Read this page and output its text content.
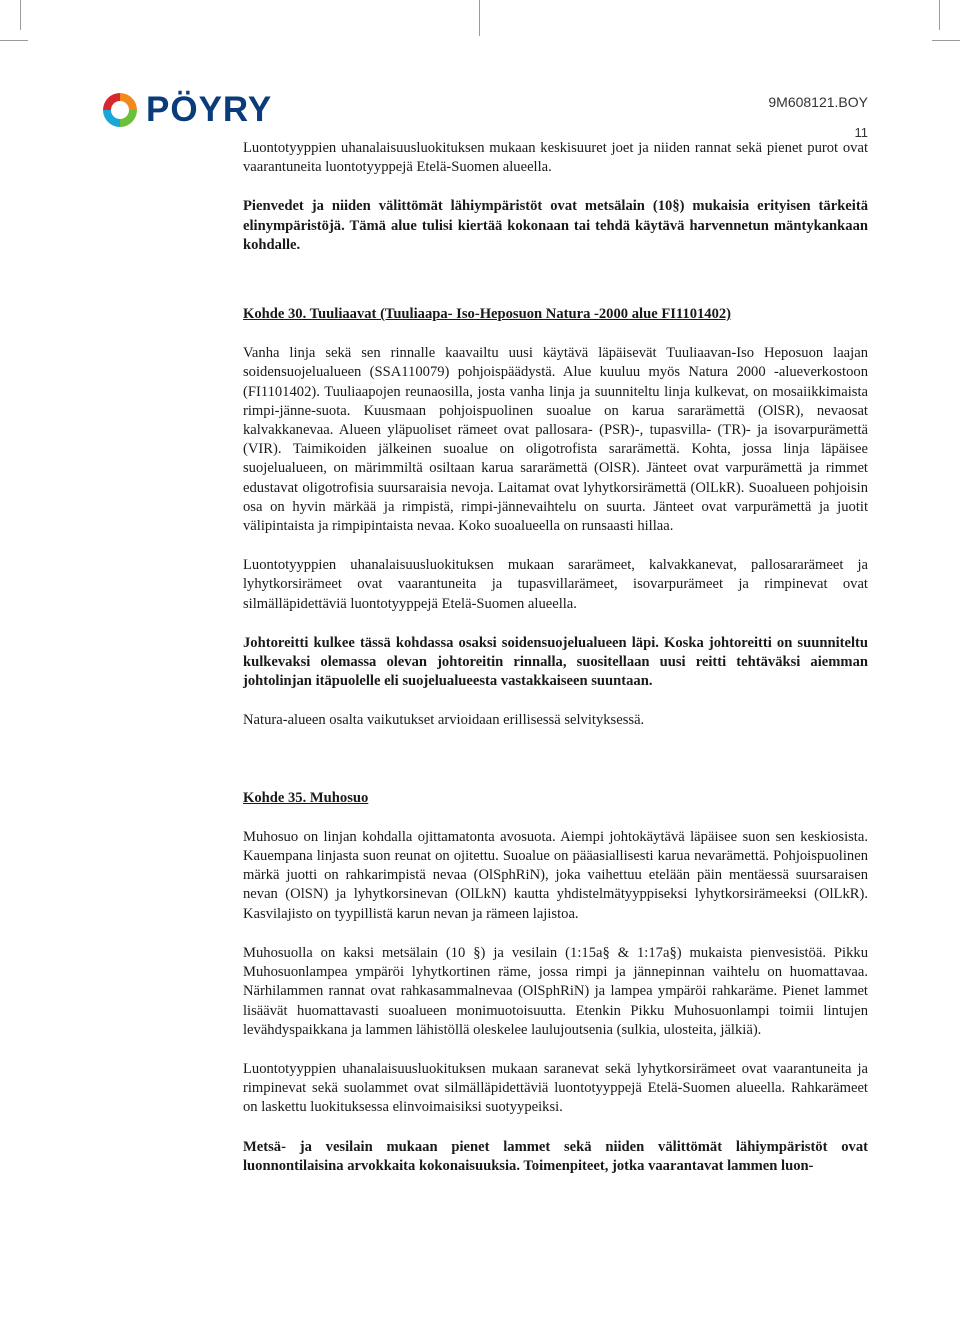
PÖYRY	9M608121.BOY
11

Luontotyyppien uhanalaisuusluokituksen mukaan keskisuuret joet ja niiden rannat sekä pienet purot ovat vaarantuneita luontotyyppejä Etelä-Suomen alueella.

Pienvedet ja niiden välittömät lähiympäristöt ovat metsälain (10§) mukaisia erityisen tärkeitä elinympäristöjä. Tämä alue tulisi kiertää kokonaan tai tehdä käytävä harvennetun mäntykankaan kohdalle.

Kohde 30. Tuuliaavat (Tuuliaapa- Iso-Heposuon Natura -2000 alue FI1101402)

Vanha linja sekä sen rinnalle kaavailtu uusi käytävä läpäisevät Tuuliaavan-Iso Heposuon laajan soidensuojelualueen (SSA110079) pohjoispäädystä. Alue kuuluu myös Natura 2000 -alueverkostoon (FI1101402). Tuuliaapojen reunaosilla, josta vanha linja ja suunniteltu linja kulkevat, on mosaiikkimaista rimpi-jänne-suota. Kuusmaan pohjoispuolinen suoalue on karua sararämettä (OlSR), nevaosat kalvakkanevaa. Alueen yläpuoliset rämeet ovat pallosara- (PSR)-, tupasvilla- (TR)- ja isovarpurämettä (VIR). Taimikoiden jälkeinen suoalue on oligotrofista sararämettä. Kohta, jossa linja läpäisee suojelualueen, on märimmiltä osiltaan karua sararämettä (OlSR). Jänteet ovat varpurämettä ja rimmet edustavat oligotrofisia suursaraisia nevoja. Laitamat ovat lyhytkorsirämettä (OlLkR). Suoalueen pohjoisin osa on hyvin märkää ja rimpistä, rimpi-jännevaihtelu on suurta. Jänteet ovat varpurämettä ja juotit välipintaista ja rimpipintaista nevaa. Koko suoalueella on runsaasti hillaa.

Luontotyyppien uhanalaisuusluokituksen mukaan sararämeet, kalvakkanevat, pallosararämeet ja lyhytkorsirämeet ovat vaarantuneita ja tupasvillarämeet, isovarpurämeet ja rimpinevat ovat silmälläpidettäviä luontotyyppejä Etelä-Suomen alueella.

Johtoreitti kulkee tässä kohdassa osaksi soidensuojelualueen läpi. Koska johtoreitti on suunniteltu kulkevaksi olemassa olevan johtoreitin rinnalla, suositellaan uusi reitti tehtäväksi aiemman johtolinjan itäpuolelle eli suojelualueesta vastakkaiseen suuntaan.

Natura-alueen osalta vaikutukset arvioidaan erillisessä selvityksessä.

Kohde 35. Muhosuo

Muhosuo on linjan kohdalla ojittamatonta avosuota. Aiempi johtokäytävä läpäisee suon sen keskiosista. Kauempana linjasta suon reunat on ojitettu. Suoalue on pääasiallisesti karua nevarämettä. Pohjoispuolinen märkä juotti on rahkarimpistä nevaa (OlSphRiN), joka vaihettuu etelään päin mentäessä suursaraisen nevan (OlSN) ja lyhytkorsinevan (OlLkN) kautta yhdistelmätyyppiseksi lyhytkorsirämeeksi (OlLkR). Kasvilajisto on tyypillistä karun nevan ja rämeen lajistoa.

Muhosuolla on kaksi metsälain (10 §) ja vesilain (1:15a§ & 1:17a§) mukaista pienvesistöä. Pikku Muhosuonlampea ympäröi lyhytkortinen räme, jossa rimpi ja jännepinnan vaihtelu on huomattavaa. Närhilammen rannat ovat rahkasammalnevaa (OlSphRiN) ja lampea ympäröi rahkaräme. Pienet lammet lisäävät huomattavasti suoalueen monimuotoisuutta. Etenkin Pikku Muhosuonlampi toimii lintujen levähdyspaikkana ja lammen lähistöllä oleskelee laulujoutsenia (sulkia, ulosteita, jälkiä).

Luontotyyppien uhanalaisuusluokituksen mukaan saranevat sekä lyhytkorsirämeet ovat vaarantuneita ja rimpinevat sekä suolammet ovat silmälläpidettäviä luontotyyppejä Etelä-Suomen alueella. Rahkarämeet on laskettu luokituksessa elinvoimaisiksi suotyypeiksi.

Metsä- ja vesilain mukaan pienet lammet sekä niiden välittömät lähiympäristöt ovat luonnontilaisina arvokkaita kokonaisuuksia. Toimenpiteet, jotka vaarantavat lammen luon-
